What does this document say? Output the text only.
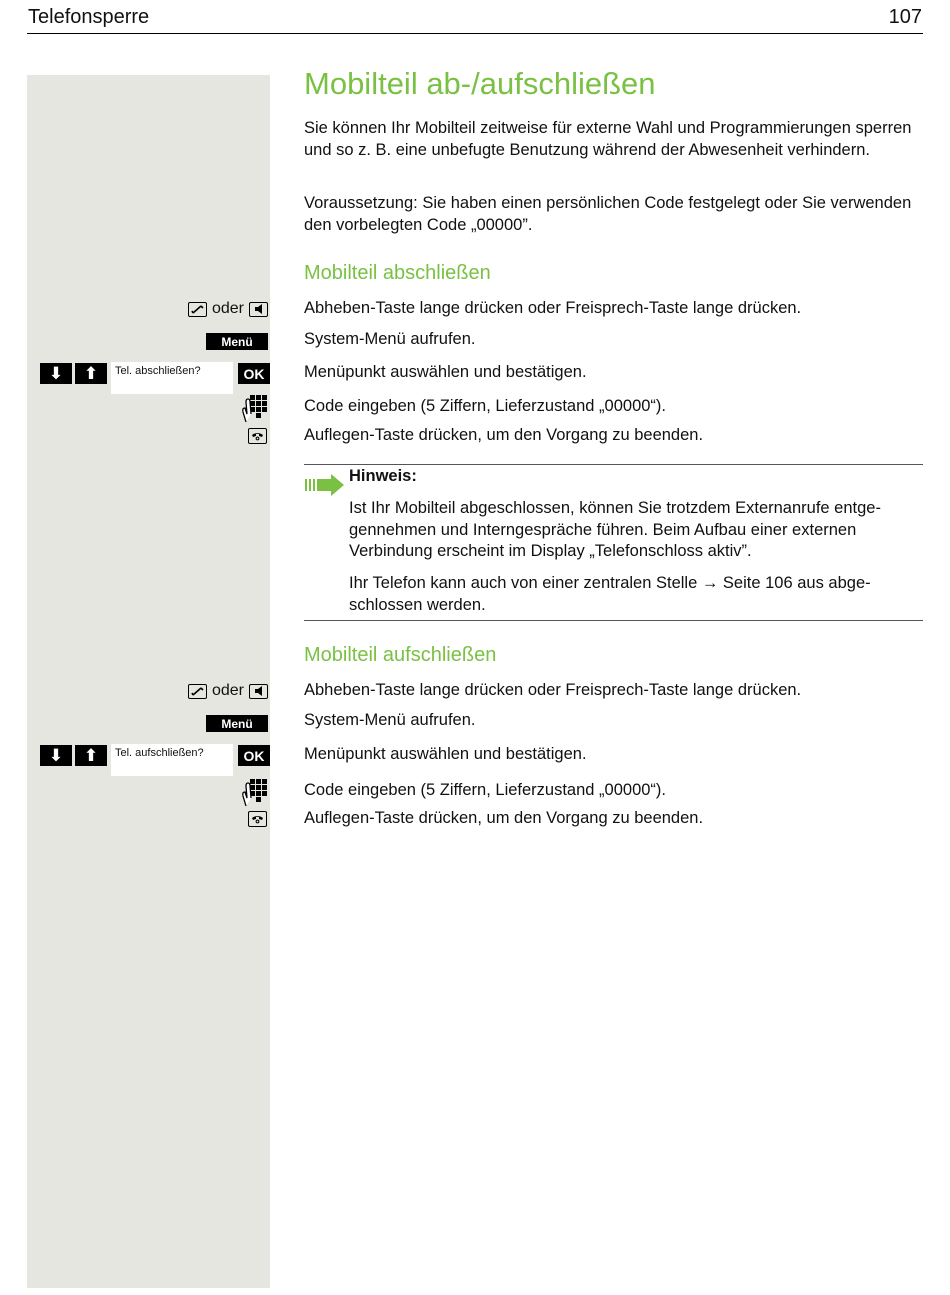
Telefonsperre	107
Mobilteil ab-/aufschließen
Sie können Ihr Mobilteil zeitweise für externe Wahl und Programmierungen sperren und so z. B. eine unbefugte Benutzung während der Abwesenheit verhindern.
Voraussetzung: Sie haben einen persönlichen Code festgelegt oder Sie verwenden den vorbelegten Code „00000”.
Mobilteil abschließen
oder	Abheben-Taste lange drücken oder Freisprech-Taste lange drücken.
Menü	System-Menü aufrufen.
⬇	⬆	Tel. abschließen?	OK	Menüpunkt auswählen und bestätigen.
Code eingeben (5 Ziffern, Lieferzustand „00000“).
Auflegen-Taste drücken, um den Vorgang zu beenden.
Hinweis:
Ist Ihr Mobilteil abgeschlossen, können Sie trotzdem Externanrufe entgegennehmen und Interngespräche führen. Beim Aufbau einer externen Verbindung erscheint im Display „Telefonschloss aktiv”.
Ihr Telefon kann auch von einer zentralen Stelle → Seite 106 aus abgeschlossen werden.
Mobilteil aufschließen
oder	Abheben-Taste lange drücken oder Freisprech-Taste lange drücken.
Menü	System-Menü aufrufen.
⬇	⬆	Tel. aufschließen?	OK	Menüpunkt auswählen und bestätigen.
Code eingeben (5 Ziffern, Lieferzustand „00000“).
Auflegen-Taste drücken, um den Vorgang zu beenden.
